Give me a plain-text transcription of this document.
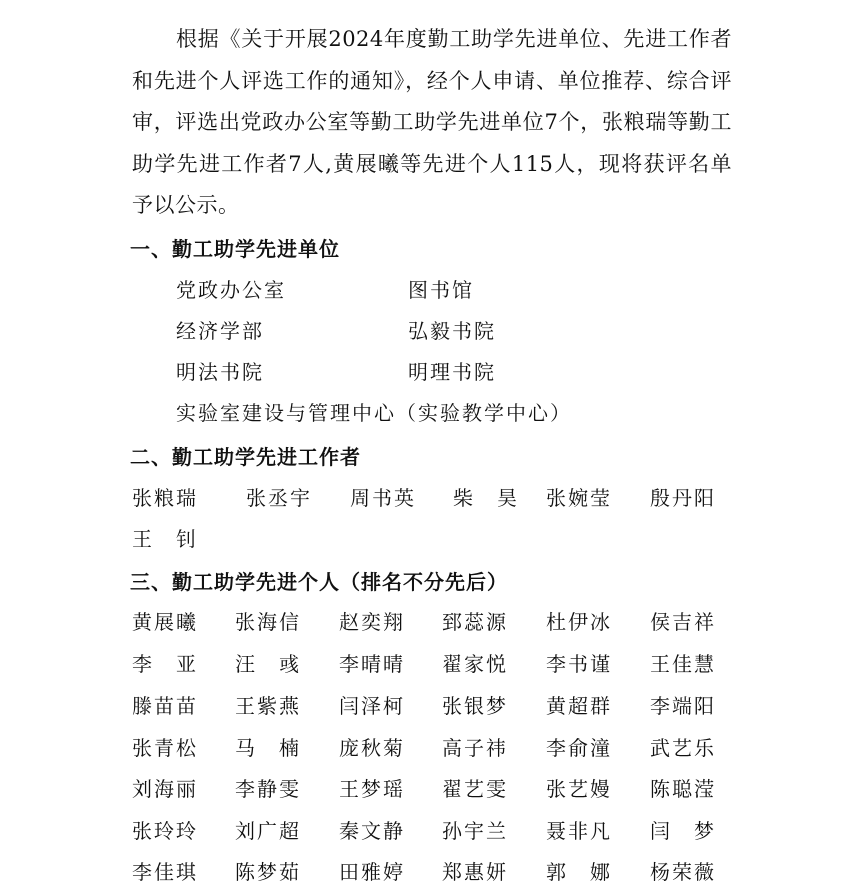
根据《关于开展2024年度勤工助学先进单位、先进工作者和先进个人评选工作的通知》，经个人申请、单位推荐、综合评审，评选出党政办公室等勤工助学先进单位7个，张粮瑞等勤工助学先进工作者7人,黄展曦等先进个人115人，现将获评名单予以公示。
一、勤工助学先进单位
党政办公室	图书馆
经济学部	弘毅书院
明法书院	明理书院
实验室建设与管理中心（实验教学中心）
二、勤工助学先进工作者
张粮瑞 张丞宇 周书英 柴　昊 张婉莹 殷丹阳
王　钊
三、勤工助学先进个人（排名不分先后）
黄展曦 张海信 赵奕翔 郅蕊源 杜伊冰 侯吉祥
李　亚 汪　彧 李晴晴 翟家悦 李书谨 王佳慧
滕苗苗 王紫燕 闫泽柯 张银梦 黄超群 李端阳
张青松 马　楠 庞秋菊 高子祎 李俞潼 武艺乐
刘海丽 李静雯 王梦瑶 翟艺雯 张艺嫚 陈聪滢
张玲玲 刘广超 秦文静 孙宇兰 聂非凡 闫　梦
李佳琪 陈梦茹 田雅婷 郑惠妍 郭　娜 杨荣薇
